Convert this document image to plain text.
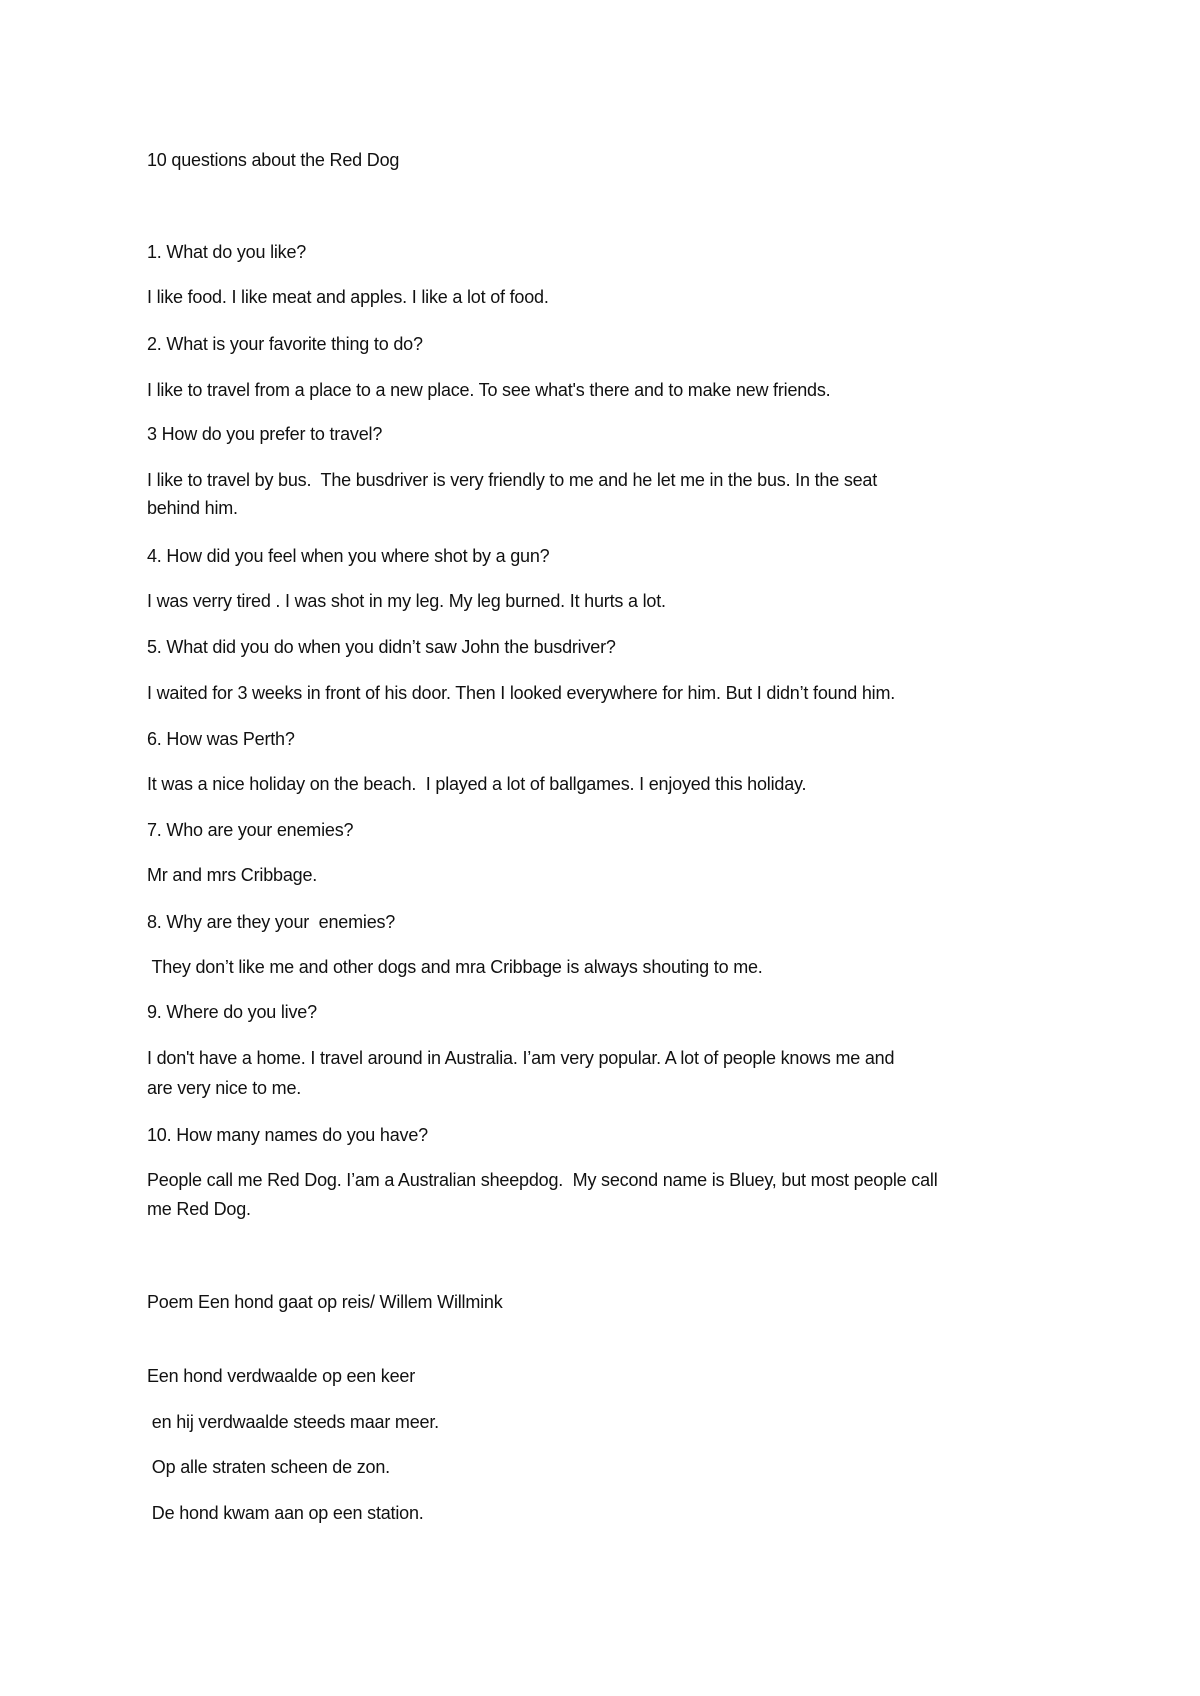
10 questions about the Red Dog
1. What do you like?
I like food. I like meat and apples. I like a lot of food.
2. What is your favorite thing to do?
I like to travel from a place to a new place. To see what's there and to make new friends.
3 How do you prefer to travel?
I like to travel by bus.  The busdriver is very friendly to me and he let me in the bus. In the seat
behind him.
4. How did you feel when you where shot by a gun?
I was verry tired . I was shot in my leg. My leg burned. It hurts a lot.
5. What did you do when you didn’t saw John the busdriver?
I waited for 3 weeks in front of his door. Then I looked everywhere for him. But I didn’t found him.
6. How was Perth?
It was a nice holiday on the beach.  I played a lot of ballgames. I enjoyed this holiday.
7. Who are your enemies?
Mr and mrs Cribbage.
8. Why are they your  enemies?
They don’t like me and other dogs and mra Cribbage is always shouting to me.
9. Where do you live?
I don't have a home. I travel around in Australia. I’am very popular. A lot of people knows me and
are very nice to me.
10. How many names do you have?
People call me Red Dog. I’am a Australian sheepdog.  My second name is Bluey, but most people call
me Red Dog.
Poem Een hond gaat op reis/ Willem Willmink
Een hond verdwaalde op een keer
en hij verdwaalde steeds maar meer.
Op alle straten scheen de zon.
De hond kwam aan op een station.
